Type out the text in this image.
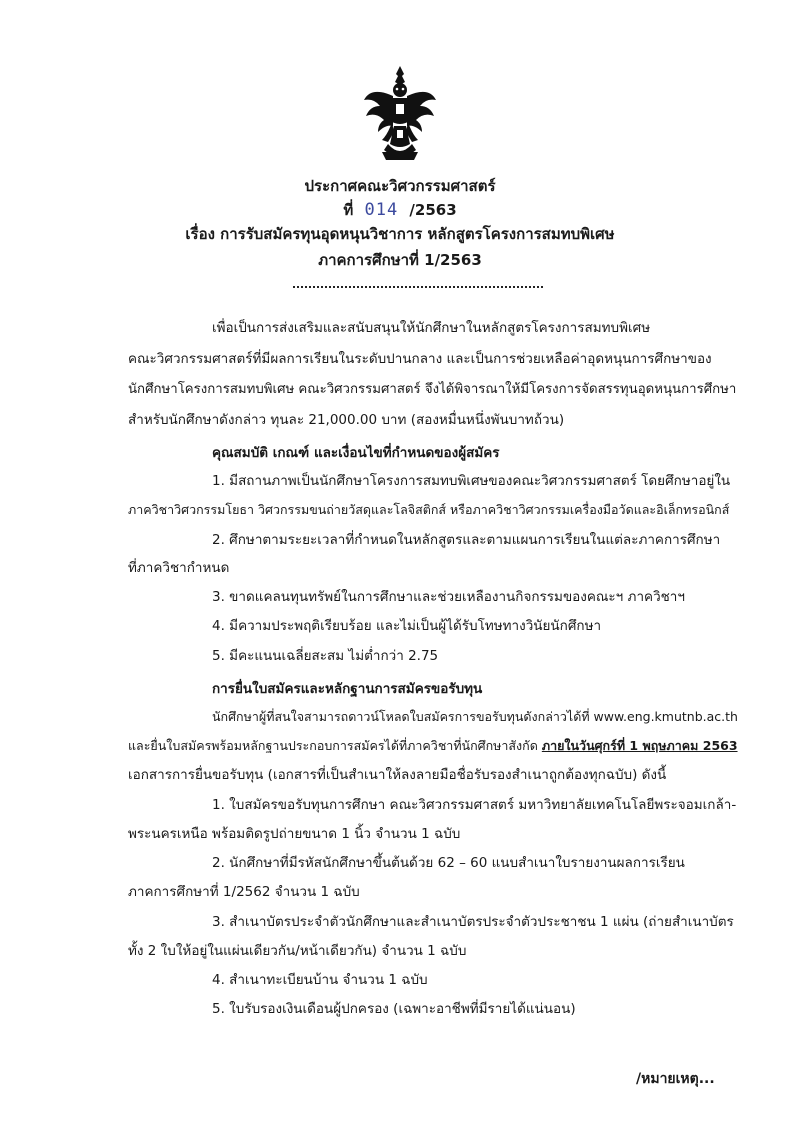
ประกาศคณะวิศวกรรมศาสตร์
ที่ 014 /2563
เรื่อง การรับสมัครทุนอุดหนุนวิชาการ หลักสูตรโครงการสมทบพิเศษ
ภาคการศึกษาที่ 1/2563
เพื่อเป็นการส่งเสริมและสนับสนุนให้นักศึกษาในหลักสูตรโครงการสมทบพิเศษ
คณะวิศวกรรมศาสตร์ที่มีผลการเรียนในระดับปานกลาง และเป็นการช่วยเหลือค่าอุดหนุนการศึกษาของ
นักศึกษาโครงการสมทบพิเศษ คณะวิศวกรรมศาสตร์ จึงได้พิจารณาให้มีโครงการจัดสรรทุนอุดหนุนการศึกษา
สำหรับนักศึกษาดังกล่าว ทุนละ 21,000.00 บาท (สองหมื่นหนึ่งพันบาทถ้วน)
คุณสมบัติ เกณฑ์ และเงื่อนไขที่กำหนดของผู้สมัคร
1. มีสถานภาพเป็นนักศึกษาโครงการสมทบพิเศษของคณะวิศวกรรมศาสตร์ โดยศึกษาอยู่ใน
ภาควิชาวิศวกรรมโยธา วิศวกรรมขนถ่ายวัสดุและโลจิสติกส์ หรือภาควิชาวิศวกรรมเครื่องมือวัดและอิเล็กทรอนิกส์
2. ศึกษาตามระยะเวลาที่กำหนดในหลักสูตรและตามแผนการเรียนในแต่ละภาคการศึกษา
ที่ภาควิชากำหนด
3. ขาดแคลนทุนทรัพย์ในการศึกษาและช่วยเหลืองานกิจกรรมของคณะฯ ภาควิชาฯ
4. มีความประพฤติเรียบร้อย และไม่เป็นผู้ได้รับโทษทางวินัยนักศึกษา
5. มีคะแนนเฉลี่ยสะสม ไม่ต่ำกว่า 2.75
การยื่นใบสมัครและหลักฐานการสมัครขอรับทุน
นักศึกษาผู้ที่สนใจสามารถดาวน์โหลดใบสมัครการขอรับทุนดังกล่าวได้ที่ www.eng.kmutnb.ac.th
และยื่นใบสมัครพร้อมหลักฐานประกอบการสมัครได้ที่ภาควิชาที่นักศึกษาสังกัด ภายในวันศุกร์ที่ 1 พฤษภาคม 2563
เอกสารการยื่นขอรับทุน (เอกสารที่เป็นสำเนาให้ลงลายมือชื่อรับรองสำเนาถูกต้องทุกฉบับ) ดังนี้
1. ใบสมัครขอรับทุนการศึกษา คณะวิศวกรรมศาสตร์ มหาวิทยาลัยเทคโนโลยีพระจอมเกล้า-
พระนครเหนือ พร้อมติดรูปถ่ายขนาด 1 นิ้ว จำนวน 1 ฉบับ
2. นักศึกษาที่มีรหัสนักศึกษาขึ้นต้นด้วย 62 – 60 แนบสำเนาใบรายงานผลการเรียน
ภาคการศึกษาที่ 1/2562 จำนวน 1 ฉบับ
3. สำเนาบัตรประจำตัวนักศึกษาและสำเนาบัตรประจำตัวประชาชน 1 แผ่น (ถ่ายสำเนาบัตร
ทั้ง 2 ใบให้อยู่ในแผ่นเดียวกัน/หน้าเดียวกัน) จำนวน 1 ฉบับ
4. สำเนาทะเบียนบ้าน จำนวน 1 ฉบับ
5. ใบรับรองเงินเดือนผู้ปกครอง (เฉพาะอาชีพที่มีรายได้แน่นอน)
/หมายเหตุ...
